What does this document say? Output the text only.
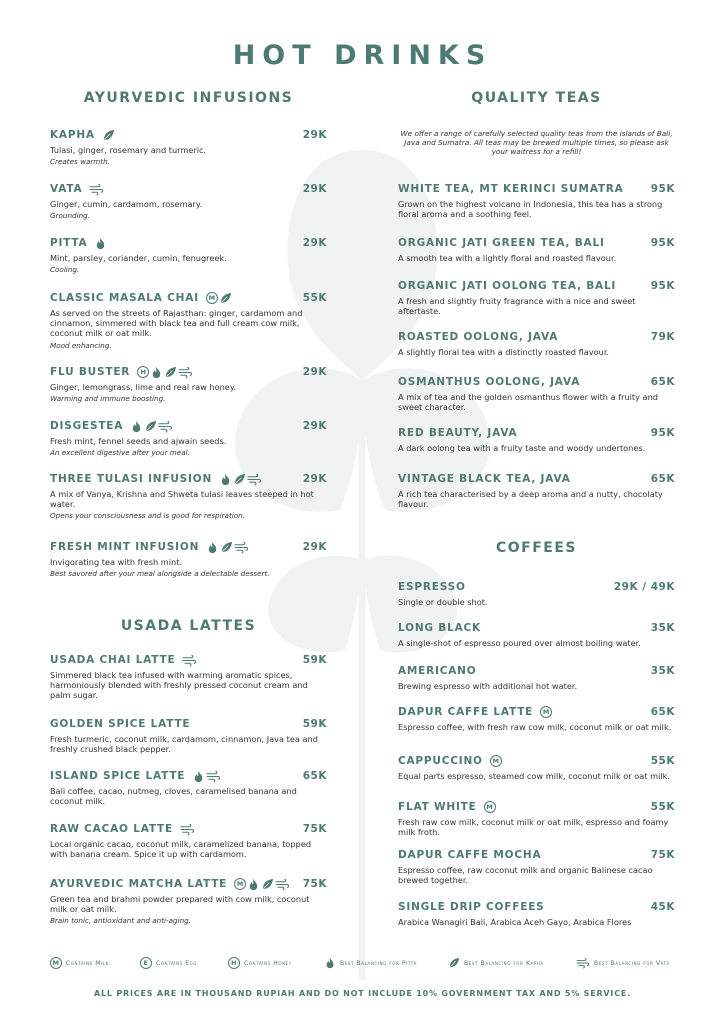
HOT DRINKS
AYURVEDIC INFUSIONS	QUALITY TEAS
USADA LATTES
COFFEES
We offer a range of carefully selected quality teas from the islands of Bali, Java and Sumatra. All teas may be brewed multiple times, so please ask your waitress for a refill!
M	Contains Milk	E	Contains Egg	H	Contains Honey	Best Balancing for Pitta	Best Balancing for Kapha	Best Balancing for Vata
ALL PRICES ARE IN THOUSAND RUPIAH AND DO NOT INCLUDE 10% GOVERNMENT TAX AND 5% SERVICE.
KAPHA	29K
Tulasi, ginger, rosemary and turmeric.
Creates warmth.
VATA	29K
Ginger, cumin, cardamom, rosemary.
Grounding.
PITTA	29K
Mint, parsley, coriander, cumin, fenugreek.
Cooling.
CLASSIC MASALA CHAI	M	55K
As served on the streets of Rajasthan: ginger, cardamom and cinnamon, simmered with black tea and full cream cow milk, coconut milk or oat milk.
Mood enhancing.
FLU BUSTER	H	29K
Ginger, lemongrass, lime and real raw honey.
Warming and immune boosting.
DISGESTEA	29K
Fresh mint, fennel seeds and ajwain seeds.
An excellent digestive after your meal.
THREE TULASI INFUSION	29K
A mix of Vanya, Krishna and Shweta tulasi leaves steeped in hot water.
Opens your consciousness and is good for respiration.
FRESH MINT INFUSION	29K
Invigorating tea with fresh mint.
Best savored after your meal alongside a delectable dessert.
USADA CHAI LATTE	59K
Simmered black tea infused with warming aromatic spices, harmoniously blended with freshly pressed coconut cream and palm sugar.
GOLDEN SPICE LATTE	59K
Fresh turmeric, coconut milk, cardamom, cinnamon, Java tea and freshly crushed black pepper.
ISLAND SPICE LATTE	65K
Bali coffee, cacao, nutmeg, cloves, caramelised banana and coconut milk.
RAW CACAO LATTE	75K
Local organic cacao, coconut milk, caramelized banana, topped with banana cream. Spice it up with cardamom.
AYURVEDIC MATCHA LATTE	M	75K
Green tea and brahmi powder prepared with cow milk, coconut milk or oat milk.
Brain tonic, antioxidant and anti-aging.
WHITE TEA, MT KERINCI SUMATRA	95K
Grown on the highest volcano in Indonesia, this tea has a strong floral aroma and a soothing feel.
ORGANIC JATI GREEN TEA, BALI	95K
A smooth tea with a lightly floral and roasted flavour.
ORGANIC JATI OOLONG TEA, BALI	95K
A fresh and slightly fruity fragrance with a nice and sweet aftertaste.
ROASTED OOLONG, JAVA	79K
A slightly floral tea with a distinctly roasted flavour.
OSMANTHUS OOLONG, JAVA	65K
A mix of tea and the golden osmanthus flower with a fruity and sweet character.
RED BEAUTY, JAVA	95K
A dark oolong tea with a fruity taste and woody undertones.
VINTAGE BLACK TEA, JAVA	65K
A rich tea characterised by a deep aroma and a nutty, chocolaty flavour.
ESPRESSO	29K / 49K
Single or double shot.
LONG BLACK	35K
A single-shot of espresso poured over almost boiling water.
AMERICANO	35K
Brewing espresso with additional hot water.
DAPUR CAFFE LATTE	M	65K
Espresso coffee, with fresh raw cow milk, coconut milk or oat milk.
CAPPUCCINO	M	55K
Equal parts espresso, steamed cow milk, coconut milk or oat milk.
FLAT WHITE	M	55K
Fresh raw cow milk, coconut milk or oat milk, espresso and foamy milk froth.
DAPUR CAFFE MOCHA	75K
Espresso coffee, raw coconut milk and organic Balinese cacao brewed together.
SINGLE DRIP COFFEES	45K
Arabica Wanagiri Bali, Arabica Aceh Gayo, Arabica Flores
